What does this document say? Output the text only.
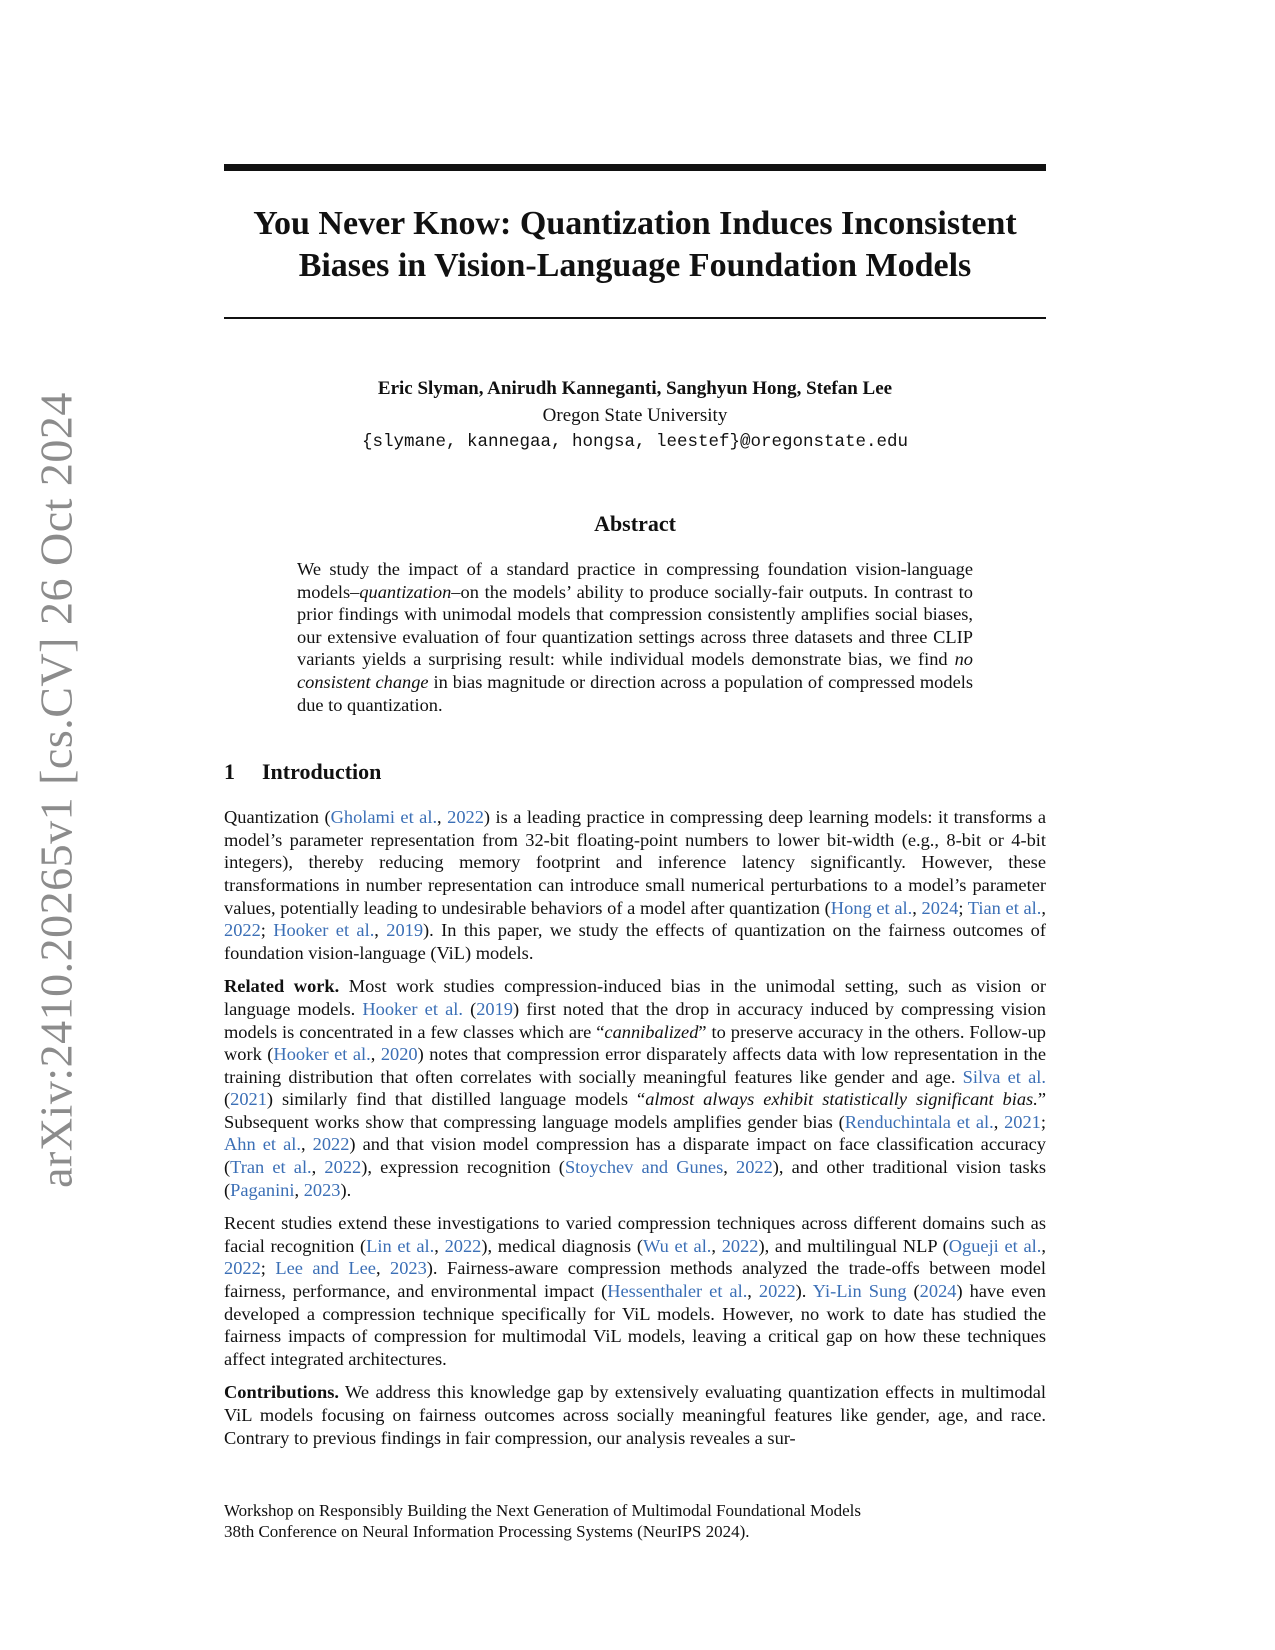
arXiv:2410.20265v1 [cs.CV] 26 Oct 2024
You Never Know: Quantization Induces Inconsistent
Biases in Vision-Language Foundation Models
Eric Slyman, Anirudh Kanneganti, Sanghyun Hong, Stefan Lee
Oregon State University
{slymane, kannegaa, hongsa, leestef}@oregonstate.edu
Abstract
We study the impact of a standard practice in compressing foundation vision-language models–quantization–on the models’ ability to produce socially-fair outputs. In contrast to prior findings with unimodal models that compression consistently amplifies social biases, our extensive evaluation of four quantization settings across three datasets and three CLIP variants yields a surprising result: while individual models demonstrate bias, we find no consistent change in bias magnitude or direction across a population of compressed models due to quantization.
1 Introduction

Quantization (Gholami et al., 2022) is a leading practice in compressing deep learning models: it transforms a model’s parameter representation from 32-bit floating-point numbers to lower bit-width (e.g., 8-bit or 4-bit integers), thereby reducing memory footprint and inference latency significantly. However, these transformations in number representation can introduce small numerical perturbations to a model’s parameter values, potentially leading to undesirable behaviors of a model after quantization (Hong et al., 2024; Tian et al., 2022; Hooker et al., 2019). In this paper, we study the effects of quantization on the fairness outcomes of foundation vision-language (ViL) models.

Related work. Most work studies compression-induced bias in the unimodal setting, such as vision or language models. Hooker et al. (2019) first noted that the drop in accuracy induced by compressing vision models is concentrated in a few classes which are “cannibalized” to preserve accuracy in the others. Follow-up work (Hooker et al., 2020) notes that compression error disparately affects data with low representation in the training distribution that often correlates with socially meaningful features like gender and age. Silva et al. (2021) similarly find that distilled language models “almost always exhibit statistically significant bias.” Subsequent works show that compressing language models amplifies gender bias (Renduchintala et al., 2021; Ahn et al., 2022) and that vision model compression has a disparate impact on face classification accuracy (Tran et al., 2022), expression recognition (Stoychev and Gunes, 2022), and other traditional vision tasks (Paganini, 2023).

Recent studies extend these investigations to varied compression techniques across different domains such as facial recognition (Lin et al., 2022), medical diagnosis (Wu et al., 2022), and multilingual NLP (Ogueji et al., 2022; Lee and Lee, 2023). Fairness-aware compression methods analyzed the trade-offs between model fairness, performance, and environmental impact (Hessenthaler et al., 2022). Yi-Lin Sung (2024) have even developed a compression technique specifically for ViL models. However, no work to date has studied the fairness impacts of compression for multimodal ViL models, leaving a critical gap on how these techniques affect integrated architectures.

Contributions. We address this knowledge gap by extensively evaluating quantization effects in multimodal ViL models focusing on fairness outcomes across socially meaningful features like gender, age, and race. Contrary to previous findings in fair compression, our analysis reveales a sur-

Workshop on Responsibly Building the Next Generation of Multimodal Foundational Models
38th Conference on Neural Information Processing Systems (NeurIPS 2024).
